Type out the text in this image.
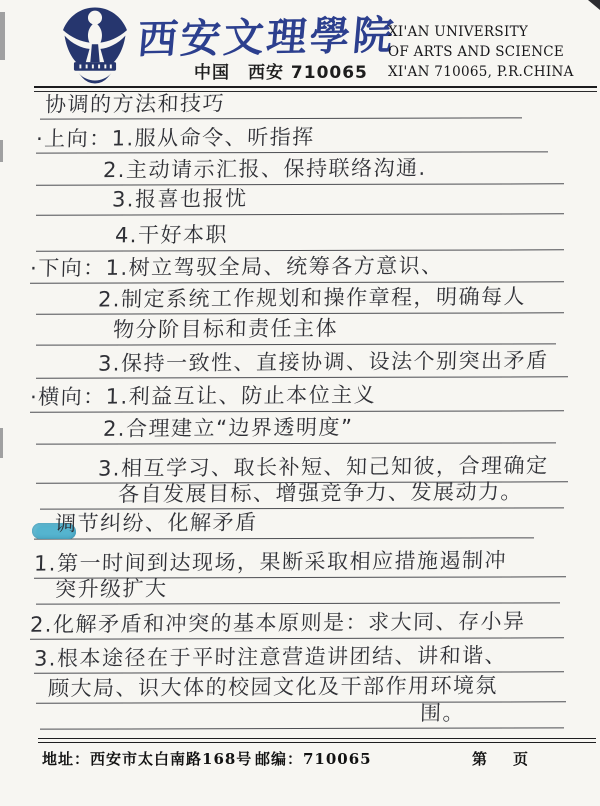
西安文理學院
中国　西安 710065
XI'AN UNIVERSITY
OF ARTS AND SCIENCE
XI'AN 710065, P.R.CHINA
协调的方法和技巧
·上向：1.服从命令、听指挥
2.主动请示汇报、保持联络沟通.
3.报喜也报忧
4.干好本职
·下向：1.树立驾驭全局、统筹各方意识、
2.制定系统工作规划和操作章程，明确每人
物分阶目标和责任主体
3.保持一致性、直接协调、设法个别突出矛盾
·横向：1.利益互让、防止本位主义
2.合理建立“边界透明度”
3.相互学习、取长补短、知己知彼，合理确定
各自发展目标、增强竞争力、发展动力。
调节纠纷、化解矛盾
1.第一时间到达现场，果断采取相应措施遏制冲
突升级扩大
2.化解矛盾和冲突的基本原则是：求大同、存小异
3.根本途径在于平时注意营造讲团结、讲和谐、
顾大局、识大体的校园文化及干部作用环境氛
围。
地址：西安市太白南路168号 邮编：710065	第 页
